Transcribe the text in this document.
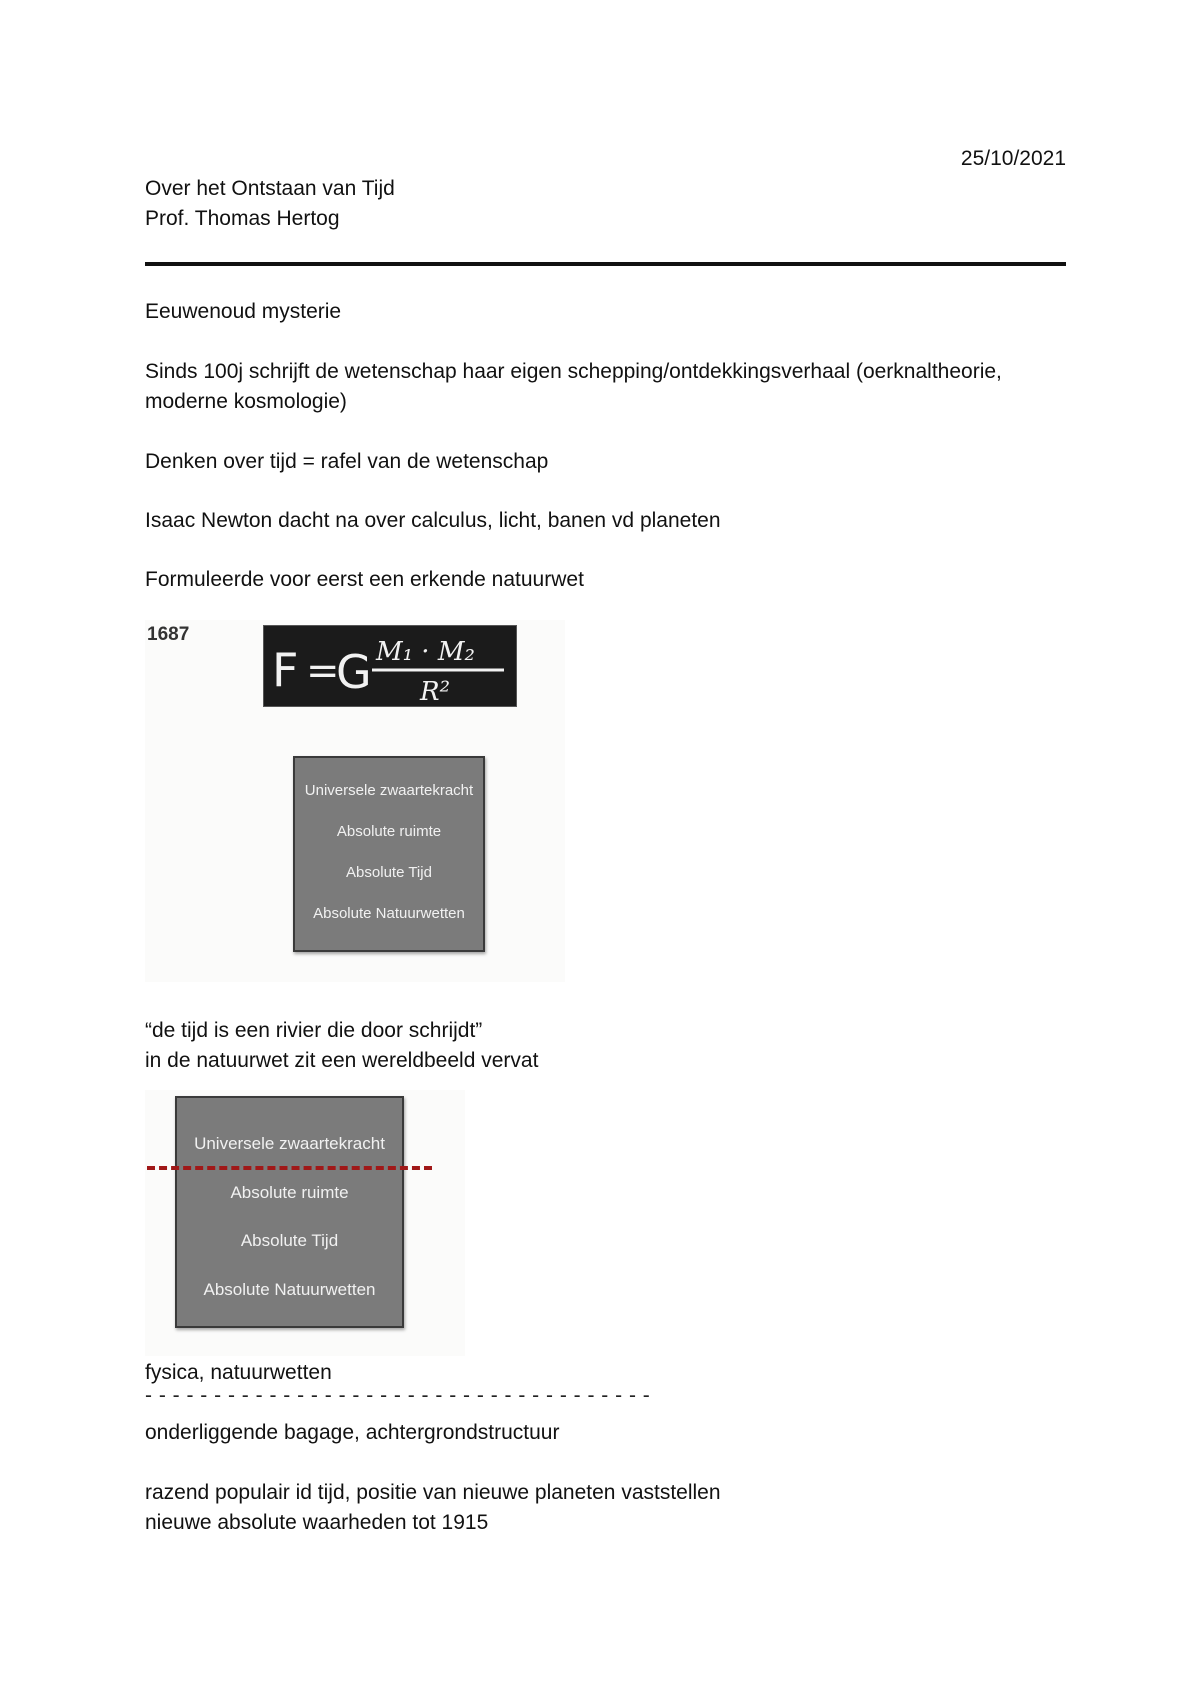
25/10/2021
Over het Ontstaan van Tijd
Prof. Thomas Hertog
Eeuwenoud mysterie
Sinds 100j schrijft de wetenschap haar eigen schepping/ontdekkingsverhaal (oerknaltheorie,
moderne kosmologie)
Denken over tijd = rafel van de wetenschap
Isaac Newton dacht na over calculus, licht, banen vd planeten
Formuleerde voor eerst een erkende natuurwet
1687
F =
G M₁ · M₂
R²
Universele zwaartekracht
Absolute ruimte
Absolute Tijd
Absolute Natuurwetten
“de tijd is een rivier die door schrijdt”
in de natuurwet zit een wereldbeeld vervat
Universele zwaartekracht
Absolute ruimte
Absolute Tijd
Absolute Natuurwetten
fysica, natuurwetten
- - - - - - - - - - - - - - - - - - - - - - - - - - - - - - - - - - - - -
onderliggende bagage, achtergrondstructuur
razend populair id tijd, positie van nieuwe planeten vaststellen
nieuwe absolute waarheden tot 1915
